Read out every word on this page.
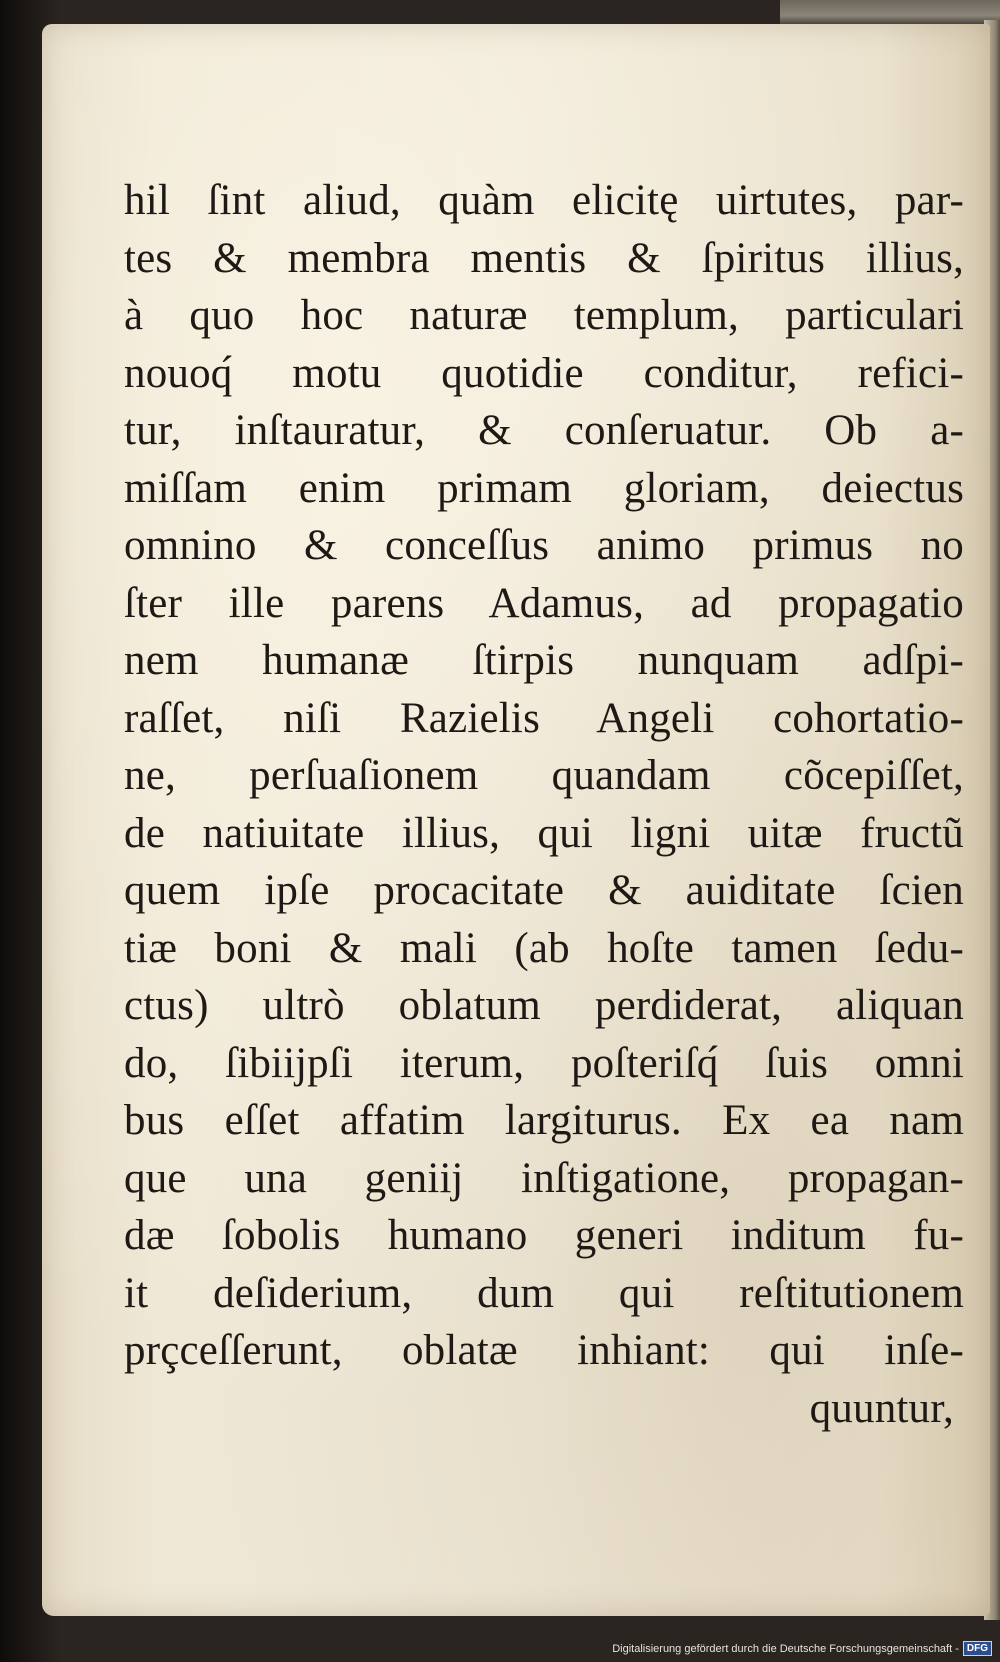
hil ſint aliud, quàm elicitę uirtutes, par-
tes & membra mentis & ſpiritus illius,
à quo hoc naturæ templum, particulari
nouoq́ motu quotidie conditur, refici-
tur, inſtauratur, & conſeruatur. Ob a-
miſſam enim primam gloriam, deiectus
omnino & conceſſus animo primus no
ſter ille parens Adamus, ad propagatio
nem humanæ ſtirpis nunquam adſpi-
raſſet, niſi Razielis Angeli cohortatio-
ne, perſuaſionem quandam cõcepiſſet,
de natiuitate illius, qui ligni uitæ fructũ
quem ipſe procacitate & auiditate ſcien
tiæ boni & mali (ab hoſte tamen ſedu-
ctus) ultrò oblatum perdiderat, aliquan
do, ſibiĳpſi iterum, poſteriſq́ ſuis omni
bus eſſet affatim largiturus. Ex ea nam
que una geniĳ inſtigatione, propagan-
dæ ſobolis humano generi inditum fu-
it deſiderium, dum qui reſtitutionem
prçceſſerunt, oblatæ inhiant: qui inſe-
quuntur,
Digitalisierung gefördert durch die Deutsche Forschungsgemeinschaft - DFG
